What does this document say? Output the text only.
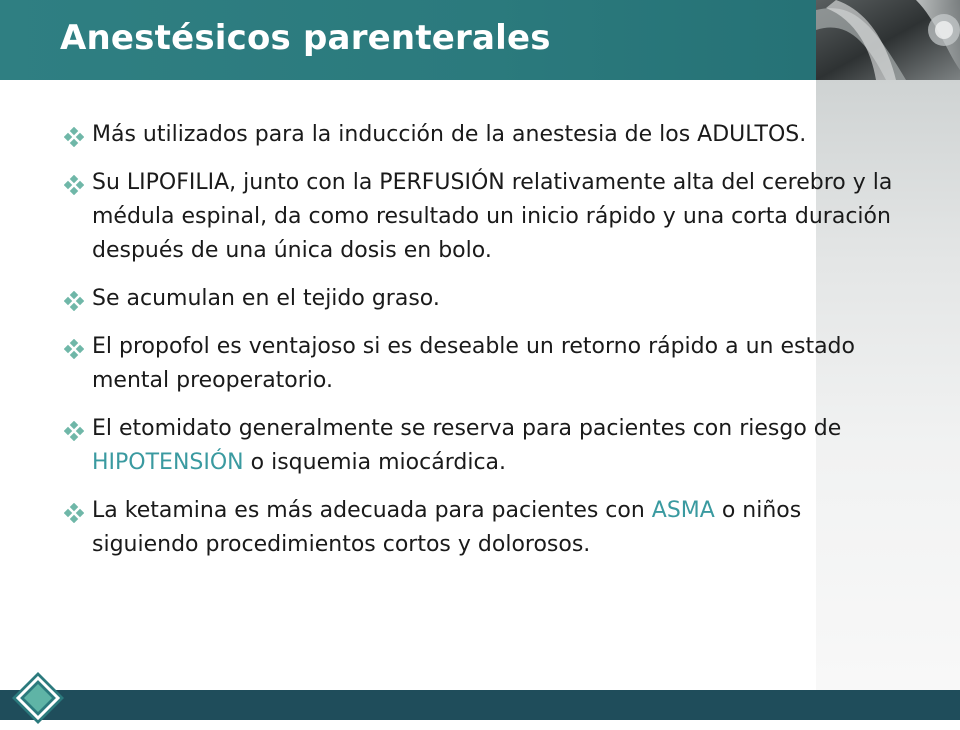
Anestésicos parenterales
Más utilizados para la inducción de la anestesia de los ADULTOS.
Su LIPOFILIA, junto con la PERFUSIÓN relativamente alta del cerebro y la médula espinal, da como resultado un inicio rápido y una corta duración después de una única dosis en bolo.
Se acumulan en el tejido graso.
El propofol es ventajoso si es deseable un retorno rápido a un estado mental preoperatorio.
El etomidato generalmente se reserva para pacientes con riesgo de HIPOTENSIÓN o isquemia miocárdica.
La ketamina es más adecuada para pacientes con ASMA o niños siguiendo procedimientos cortos y dolorosos.
